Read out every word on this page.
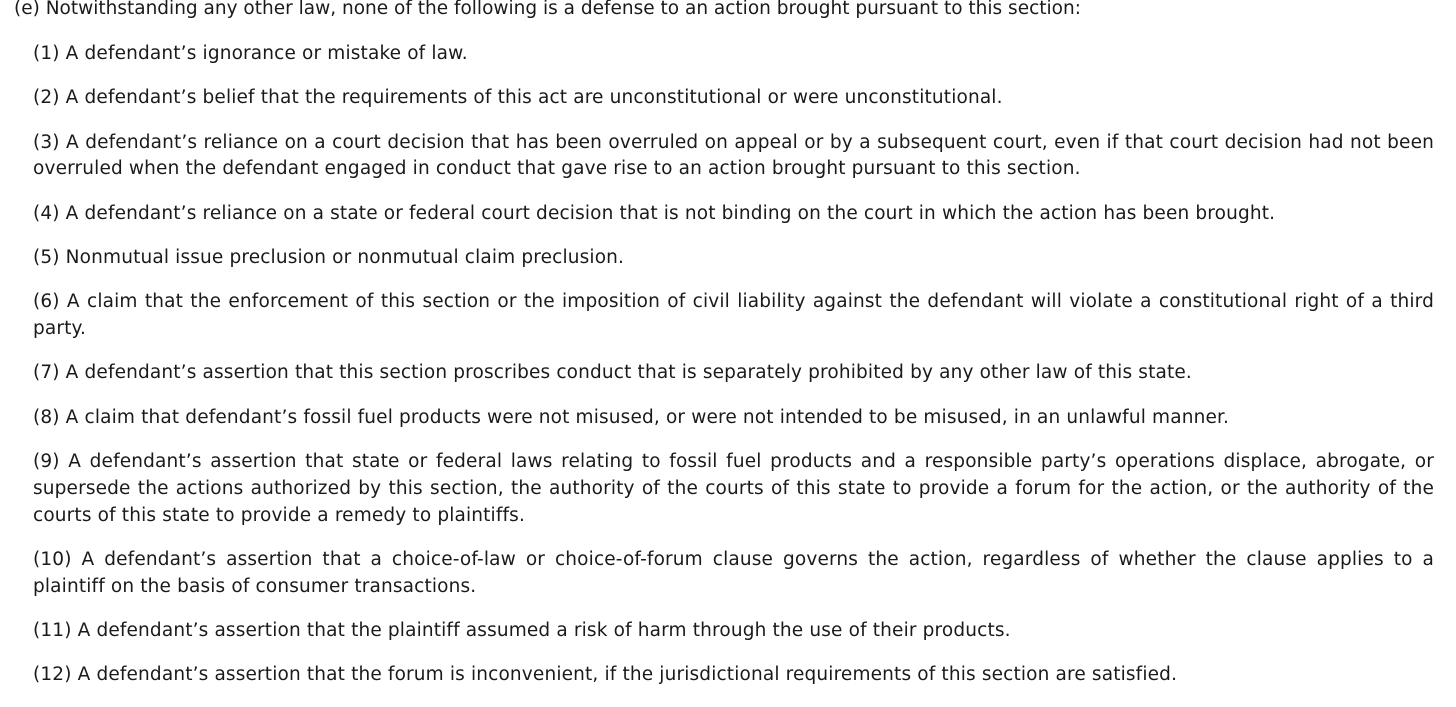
(e) Notwithstanding any other law, none of the following is a defense to an action brought pursuant to this section:

(1) A defendant’s ignorance or mistake of law.

(2) A defendant’s belief that the requirements of this act are unconstitutional or were unconstitutional.

(3) A defendant’s reliance on a court decision that has been overruled on appeal or by a subsequent court, even if that court decision had not been overruled when the defendant engaged in conduct that gave rise to an action brought pursuant to this section.

(4) A defendant’s reliance on a state or federal court decision that is not binding on the court in which the action has been brought.

(5) Nonmutual issue preclusion or nonmutual claim preclusion.

(6) A claim that the enforcement of this section or the imposition of civil liability against the defendant will violate a constitutional right of a third party.

(7) A defendant’s assertion that this section proscribes conduct that is separately prohibited by any other law of this state.

(8) A claim that defendant’s fossil fuel products were not misused, or were not intended to be misused, in an unlawful manner.

(9) A defendant’s assertion that state or federal laws relating to fossil fuel products and a responsible party’s operations displace, abrogate, or supersede the actions authorized by this section, the authority of the courts of this state to provide a forum for the action, or the authority of the courts of this state to provide a remedy to plaintiffs.

(10) A defendant’s assertion that a choice-of-law or choice-of-forum clause governs the action, regardless of whether the clause applies to a plaintiff on the basis of consumer transactions.

(11) A defendant’s assertion that the plaintiff assumed a risk of harm through the use of their products.

(12) A defendant’s assertion that the forum is inconvenient, if the jurisdictional requirements of this section are satisfied.
